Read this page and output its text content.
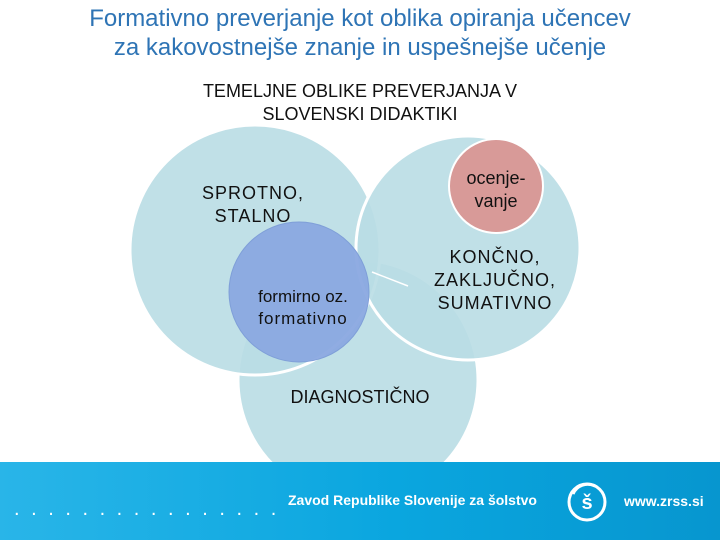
Formativno preverjanje kot oblika opiranja učencev
za kakovostnejše znanje in uspešnejše učenje
TEMELJNE OBLIKE PREVERJANJA V
SLOVENSKI DIDAKTIKI
SPROTNO,
STALNO
formirno oz.
formativno
ocenje-
vanje
KONČNO,
ZAKLJUČNO,
SUMATIVNO
DIAGNOSTIČNO
. . . . . . . . . . . . . . . . Zavod Republike Slovenije za šolstvo š www.zrss.si
